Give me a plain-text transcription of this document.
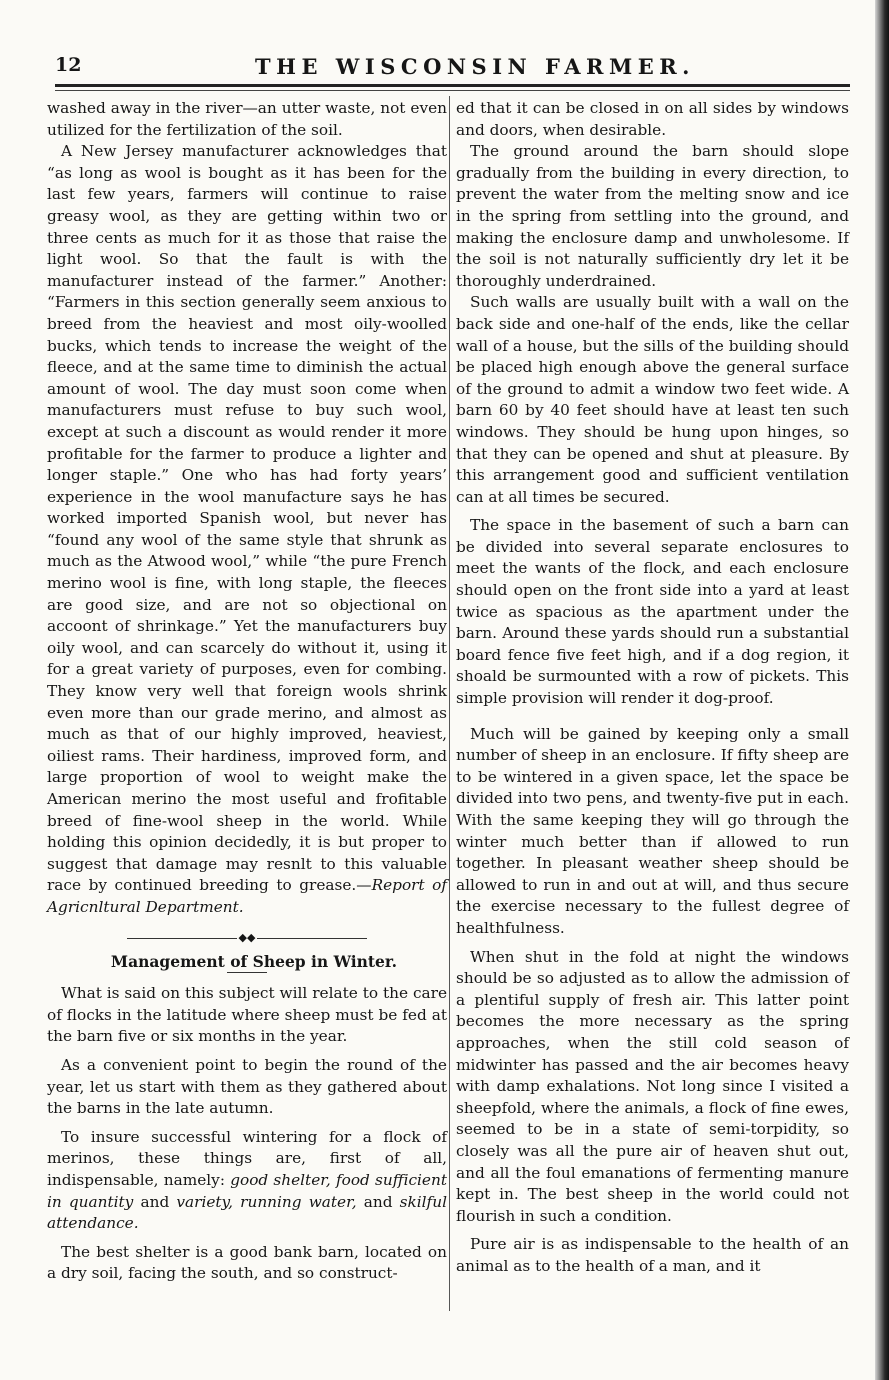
12	THE WISCONSIN FARMER.

washed away in the river—an utter waste, not even utilized for the fertilization of the soil.

A New Jersey manufacturer acknowledges that “as long as wool is bought as it has been for the last few years, farmers will continue to raise greasy wool, as they are getting within two or three cents as much for it as those that raise the light wool. So that the fault is with the manufacturer instead of the farmer.” Another: “Farmers in this section generally seem anxious to breed from the heaviest and most oily-woolled bucks, which tends to increase the weight of the fleece, and at the same time to diminish the actual amount of wool. The day must soon come when manufacturers must refuse to buy such wool, except at such a discount as would render it more profitable for the farmer to produce a lighter and longer staple.” One who has had forty years’ experience in the wool manufacture says he has worked imported Spanish wool, but never has “found any wool of the same style that shrunk as much as the Atwood wool,” while “the pure French merino wool is fine, with long staple, the fleeces are good size, and are not so objectional on accoont of shrinkage.” Yet the manufacturers buy oily wool, and can scarcely do without it, using it for a great variety of purposes, even for combing. They know very well that foreign wools shrink even more than our grade merino, and almost as much as that of our highly improved, heaviest, oiliest rams. Their hardiness, improved form, and large proportion of wool to weight make the American merino the most useful and frofitable breed of fine-wool sheep in the world. While holding this opinion decidedly, it is but proper to suggest that damage may resnlt to this valuable race by continued breeding to grease.—Report of Agricnltural Department.

◆◆

Management of Sheep in Winter.

What is said on this subject will relate to the care of flocks in the latitude where sheep must be fed at the barn five or six months in the year.

As a convenient point to begin the round of the year, let us start with them as they gathered about the barns in the late autumn.

To insure successful wintering for a flock of merinos, these things are, first of all, indispensable, namely: good shelter, food sufficient in quantity and variety, running water, and skilful attendance.

The best shelter is a good bank barn, located on a dry soil, facing the south, and so construct-

ed that it can be closed in on all sides by windows and doors, when desirable.

The ground around the barn should slope gradually from the building in every direction, to prevent the water from the melting snow and ice in the spring from settling into the ground, and making the enclosure damp and unwholesome. If the soil is not naturally sufficiently dry let it be thoroughly underdrained.

Such walls are usually built with a wall on the back side and one-half of the ends, like the cellar wall of a house, but the sills of the building should be placed high enough above the general surface of the ground to admit a window two feet wide. A barn 60 by 40 feet should have at least ten such windows. They should be hung upon hinges, so that they can be opened and shut at pleasure. By this arrangement good and sufficient ventilation can at all times be secured.

The space in the basement of such a barn can be divided into several separate enclosures to meet the wants of the flock, and each enclosure should open on the front side into a yard at least twice as spacious as the apartment under the barn. Around these yards should run a substantial board fence five feet high, and if a dog region, it shoald be surmounted with a row of pickets. This simple provision will render it dog-proof.

Much will be gained by keeping only a small number of sheep in an enclosure. If fifty sheep are to be wintered in a given space, let the space be divided into two pens, and twenty-five put in each. With the same keeping they will go through the winter much better than if allowed to run together. In pleasant weather sheep should be allowed to run in and out at will, and thus secure the exercise necessary to the fullest degree of healthfulness.

When shut in the fold at night the windows should be so adjusted as to allow the admission of a plentiful supply of fresh air. This latter point becomes the more necessary as the spring approaches, when the still cold season of midwinter has passed and the air becomes heavy with damp exhalations. Not long since I visited a sheepfold, where the animals, a flock of fine ewes, seemed to be in a state of semi-torpidity, so closely was all the pure air of heaven shut out, and all the foul emanations of fermenting manure kept in. The best sheep in the world could not flourish in such a condition.

Pure air is as indispensable to the health of an animal as to the health of a man, and it
